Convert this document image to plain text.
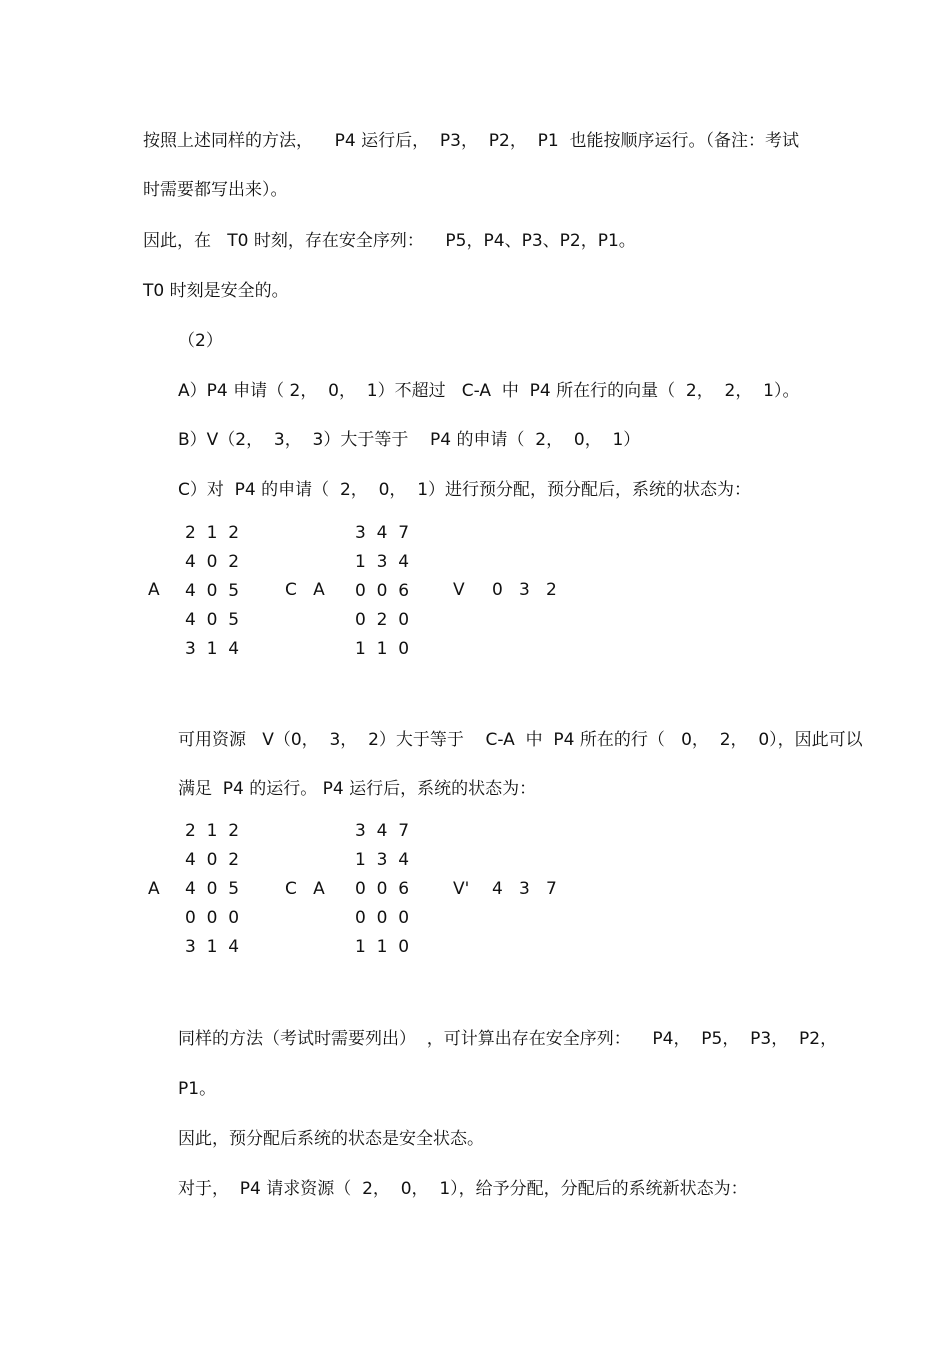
按照上述同样的方法，    P4 运行后，  P3，  P2，  P1  也能按顺序运行。（备注：考试
时需要都写出来）。
因此，在   T0 时刻，存在安全序列：    P5，P4、P3、P2，P1。
T0 时刻是安全的。
（2）
A）P4 申请（ 2，  0，  1）不超过   C-A  中  P4 所在行的向量（  2，  2，  1）。
B）V（2，  3，  3）大于等于    P4 的申请（  2，  0，  1）
C）对  P4 的申请（  2，  0，  1）进行预分配，预分配后，系统的状态为：
2  1  2
4  0  2
4  0  5
4  0  5
3  1  4
A	C   A
3  4  7
1  3  4
0  0  6
0  2  0
1  1  0
V 0   3   2
可用资源   V（0，  3，  2）大于等于    C-A  中  P4 所在的行（   0，  2，  0），因此可以
满足  P4 的运行。 P4 运行后，系统的状态为：
2  1  2
4  0  2
4  0  5
0  0  0
3  1  4
A	C   A
3  4  7
1  3  4
0  0  6
0  0  0
1  1  0
V' 4   3   7
同样的方法（考试时需要列出）  ，可计算出存在安全序列：    P4，  P5，  P3，  P2，
P1。
因此，预分配后系统的状态是安全状态。
对于，  P4 请求资源（  2，  0，  1），给予分配，分配后的系统新状态为：
